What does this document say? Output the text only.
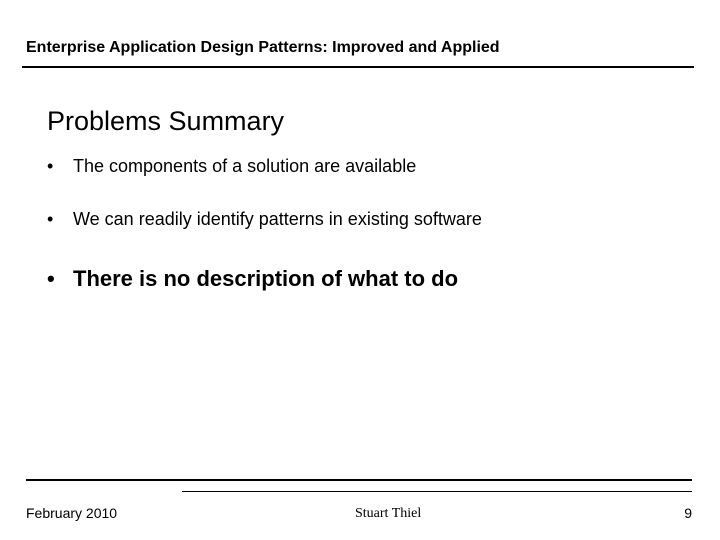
Enterprise Application Design Patterns: Improved and Applied
Problems Summary
• The components of a solution are available
• We can readily identify patterns in existing software
• There is no description of what to do
February 2010	Stuart Thiel	9
